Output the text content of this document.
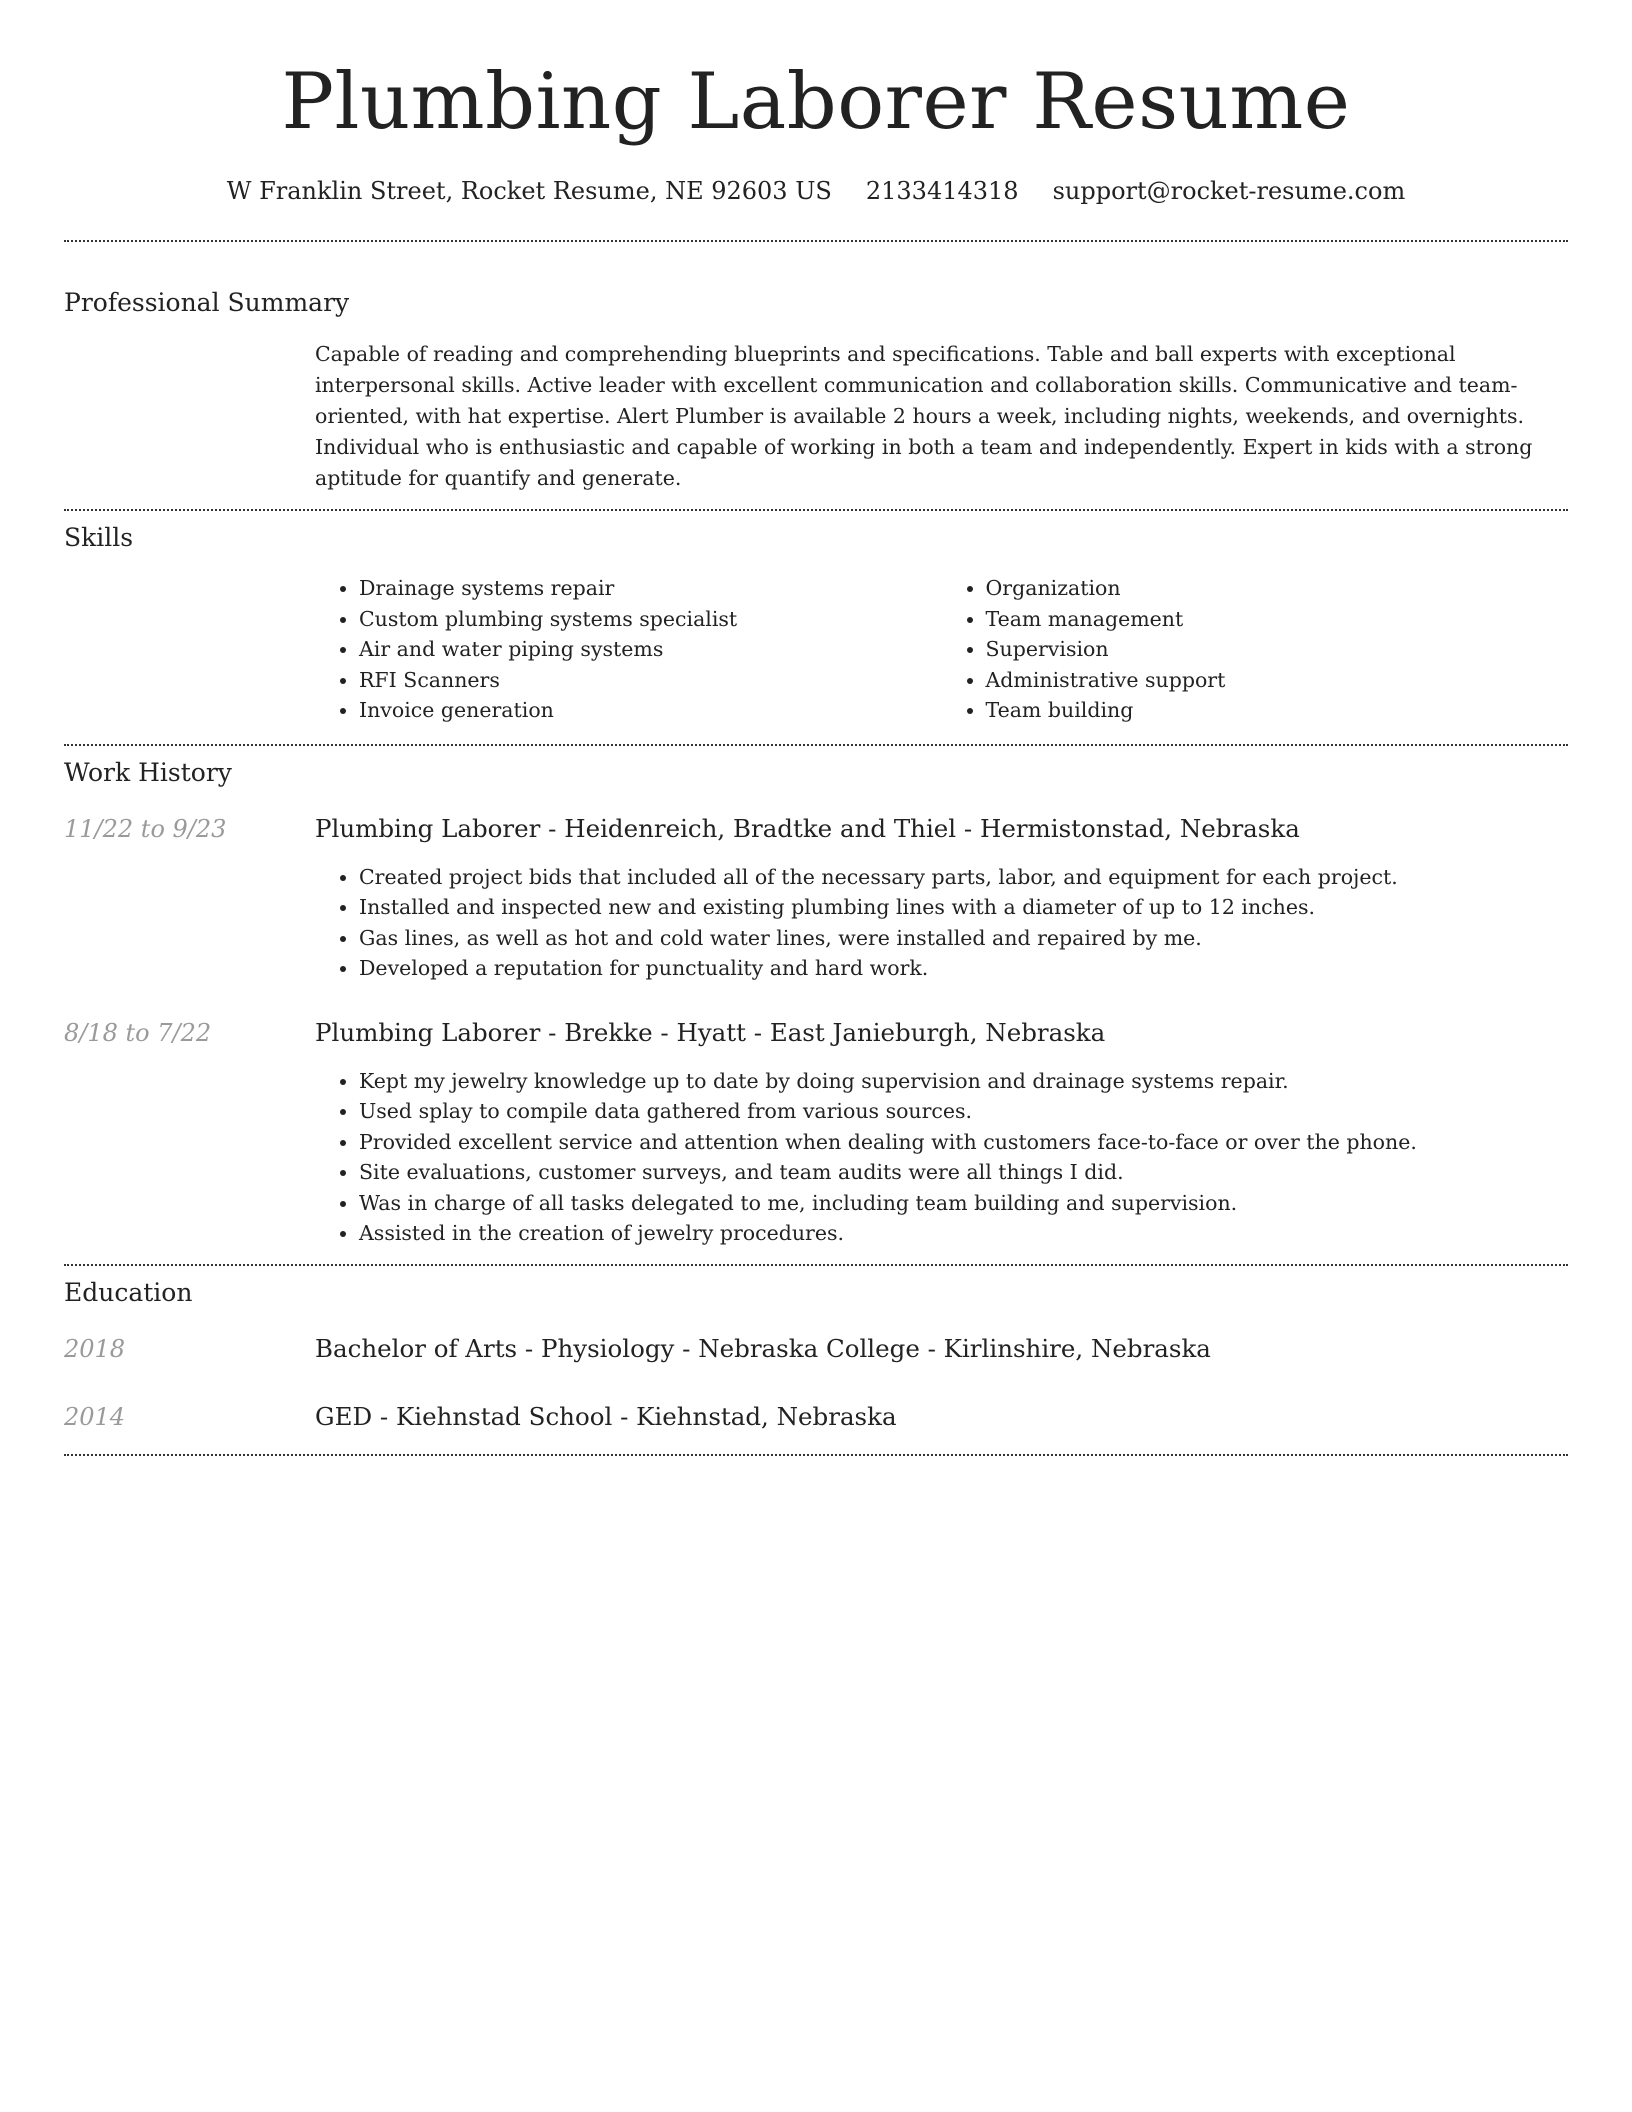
Plumbing Laborer Resume
W Franklin Street, Rocket Resume, NE 92603 US 2133414318 support@rocket-resume.com
Professional Summary

Capable of reading and comprehending blueprints and specifications. Table and ball experts with exceptional interpersonal skills. Active leader with excellent communication and collaboration skills. Communicative and team-oriented, with hat expertise. Alert Plumber is available 2 hours a week, including nights, weekends, and overnights. Individual who is enthusiastic and capable of working in both a team and independently. Expert in kids with a strong aptitude for quantify and generate.

Skills
• Drainage systems repair
• Custom plumbing systems specialist
• Air and water piping systems
• RFI Scanners
• Invoice generation
• Organization
• Team management
• Supervision
• Administrative support
• Team building
Work History
11/22 to 9/23	Plumbing Laborer - Heidenreich, Bradtke and Thiel - Hermistonstad, Nebraska

• Created project bids that included all of the necessary parts, labor, and equipment for each project.
• Installed and inspected new and existing plumbing lines with a diameter of up to 12 inches.
• Gas lines, as well as hot and cold water lines, were installed and repaired by me.
• Developed a reputation for punctuality and hard work.
8/18 to 7/22	Plumbing Laborer - Brekke - Hyatt - East Janieburgh, Nebraska

• Kept my jewelry knowledge up to date by doing supervision and drainage systems repair.
• Used splay to compile data gathered from various sources.
• Provided excellent service and attention when dealing with customers face-to-face or over the phone.
• Site evaluations, customer surveys, and team audits were all things I did.
• Was in charge of all tasks delegated to me, including team building and supervision.
• Assisted in the creation of jewelry procedures.
Education
2018	Bachelor of Arts - Physiology - Nebraska College - Kirlinshire, Nebraska

2014	GED - Kiehnstad School - Kiehnstad, Nebraska
